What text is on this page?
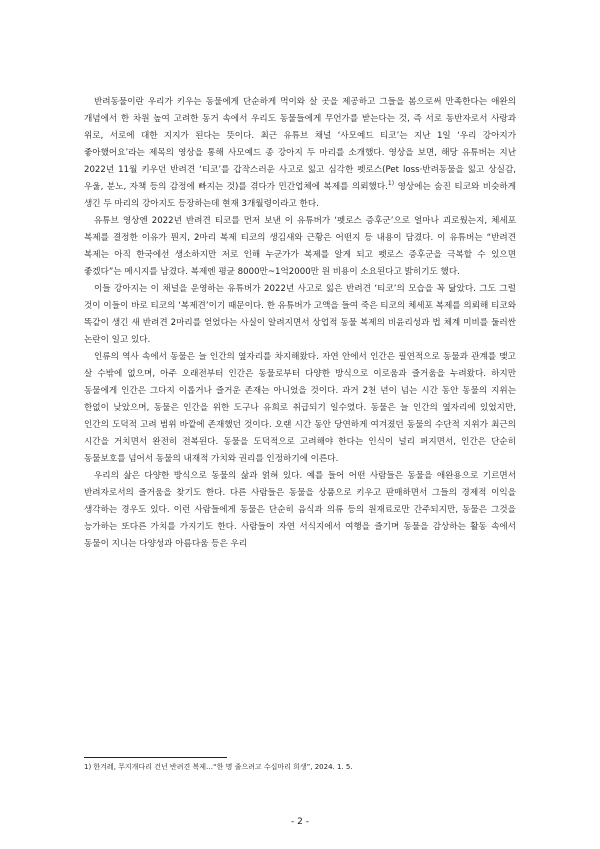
반려동물이란 우리가 키우는 동물에게 단순하게 먹이와 살 곳을 제공하고 그들을 봄으로써 만족한다는 애완의 개념에서 한 차원 높여 고려한 동거 속에서 우리도 동물들에게 무언가를 받는다는 것, 즉 서로 동반자로서 사랑과 위로, 서로에 대한 지지가 된다는 뜻이다. 최근 유튜브 채널 ‘사모예드 티코’는 지난 1일 ‘우리 강아지가 좋아했어요’라는 제목의 영상을 통해 사모예드 종 강아지 두 마리를 소개했다. 영상을 보면, 해당 유튜버는 지난 2022년 11월 키우던 반려견 ‘티코’를 갑작스러운 사고로 잃고 심각한 펫로스(Pet loss·반려동물을 잃고 상실감, 우울, 분노, 자책 등의 감정에 빠지는 것)를 겪다가 민간업체에 복제를 의뢰했다.$^{1)}$ 영상에는 숨진 티코와 비슷하게 생긴 두 마리의 강아지도 등장하는데 현재 3개월령이라고 한다.

유튜브 영상엔 2022년 반려견 티코를 먼저 보낸 이 유튜버가 ‘펫로스 증후군’으로 얼마나 괴로웠는지, 체세포 복제를 결정한 이유가 뭔지, 2마리 복제 티코의 생김새와 근황은 어떤지 등 내용이 담겼다. 이 유튜버는 “반려견 복제는 아직 한국에선 생소하지만 저로 인해 누군가가 복제를 알게 되고 펫로스 증후군을 극복할 수 있으면 좋겠다”는 메시지를 남겼다. 복제엔 평균 8000만~1억2000만 원 비용이 소요된다고 밝히기도 했다.

이들 강아지는 이 채널을 운영하는 유튜버가 2022년 사고로 잃은 반려견 ‘티코’의 모습을 꼭 닮았다. 그도 그럴 것이 이들이 바로 티코의 ‘복제견’이기 때문이다. 한 유튜버가 고액을 들여 죽은 티코의 체세포 복제를 의뢰해 티코와 똑같이 생긴 새 반려견 2마리를 얻었다는 사실이 알려지면서 상업적 동물 복제의 비윤리성과 법 체계 미비를 둘러싼 논란이 일고 있다.

인류의 역사 속에서 동물은 늘 인간의 옆자리를 차지해왔다. 자연 안에서 인간은 필연적으로 동물과 관계를 맺고 살 수밖에 없으며, 아주 오래전부터 인간은 동물로부터 다양한 방식으로 이로움과 즐거움을 누려왔다. 하지만 동물에게 인간은 그다지 이롭거나 즐거운 존재는 아니었을 것이다. 과거 2천 년이 넘는 시간 동안 동물의 지위는 한없이 낮았으며, 동물은 인간을 위한 도구나 유희로 취급되기 일수였다. 동물은 늘 인간의 옆자리에 있었지만, 인간의 도덕적 고려 범위 바깥에 존재했던 것이다. 오랜 시간 동안 당연하게 여겨졌던 동물의 수단적 지위가 최근의 시간을 거치면서 완전히 전복된다. 동물을 도덕적으로 고려해야 한다는 인식이 널리 퍼지면서, 인간은 단순히 동물보호를 넘어서 동물의 내재적 가치와 권리를 인정하기에 이른다.

우리의 삶은 다양한 방식으로 동물의 삶과 얽혀 있다. 예를 들어 어떤 사람들은 동물을 애완용으로 기르면서 반려자로서의 즐거움을 찾기도 한다. 다른 사람들은 동물을 상품으로 키우고 판매하면서 그들의 경제적 이익을 생각하는 경우도 있다. 이런 사람들에게 동물은 단순히 음식과 의류 등의 원재료로만 간주되지만, 동물은 그것을 능가하는 또다른 가치를 가지기도 한다. 사람들이 자연 서식지에서 여행을 즐기며 동물을 감상하는 활동 속에서 동물이 지니는 다양성과 아름다움 등은 우리

1) 한겨레, 무지개다리 건넌 반려견 복제…“한 명 줄으려고 수십마리 희생”, 2024. 1. 5.
- 2 -
